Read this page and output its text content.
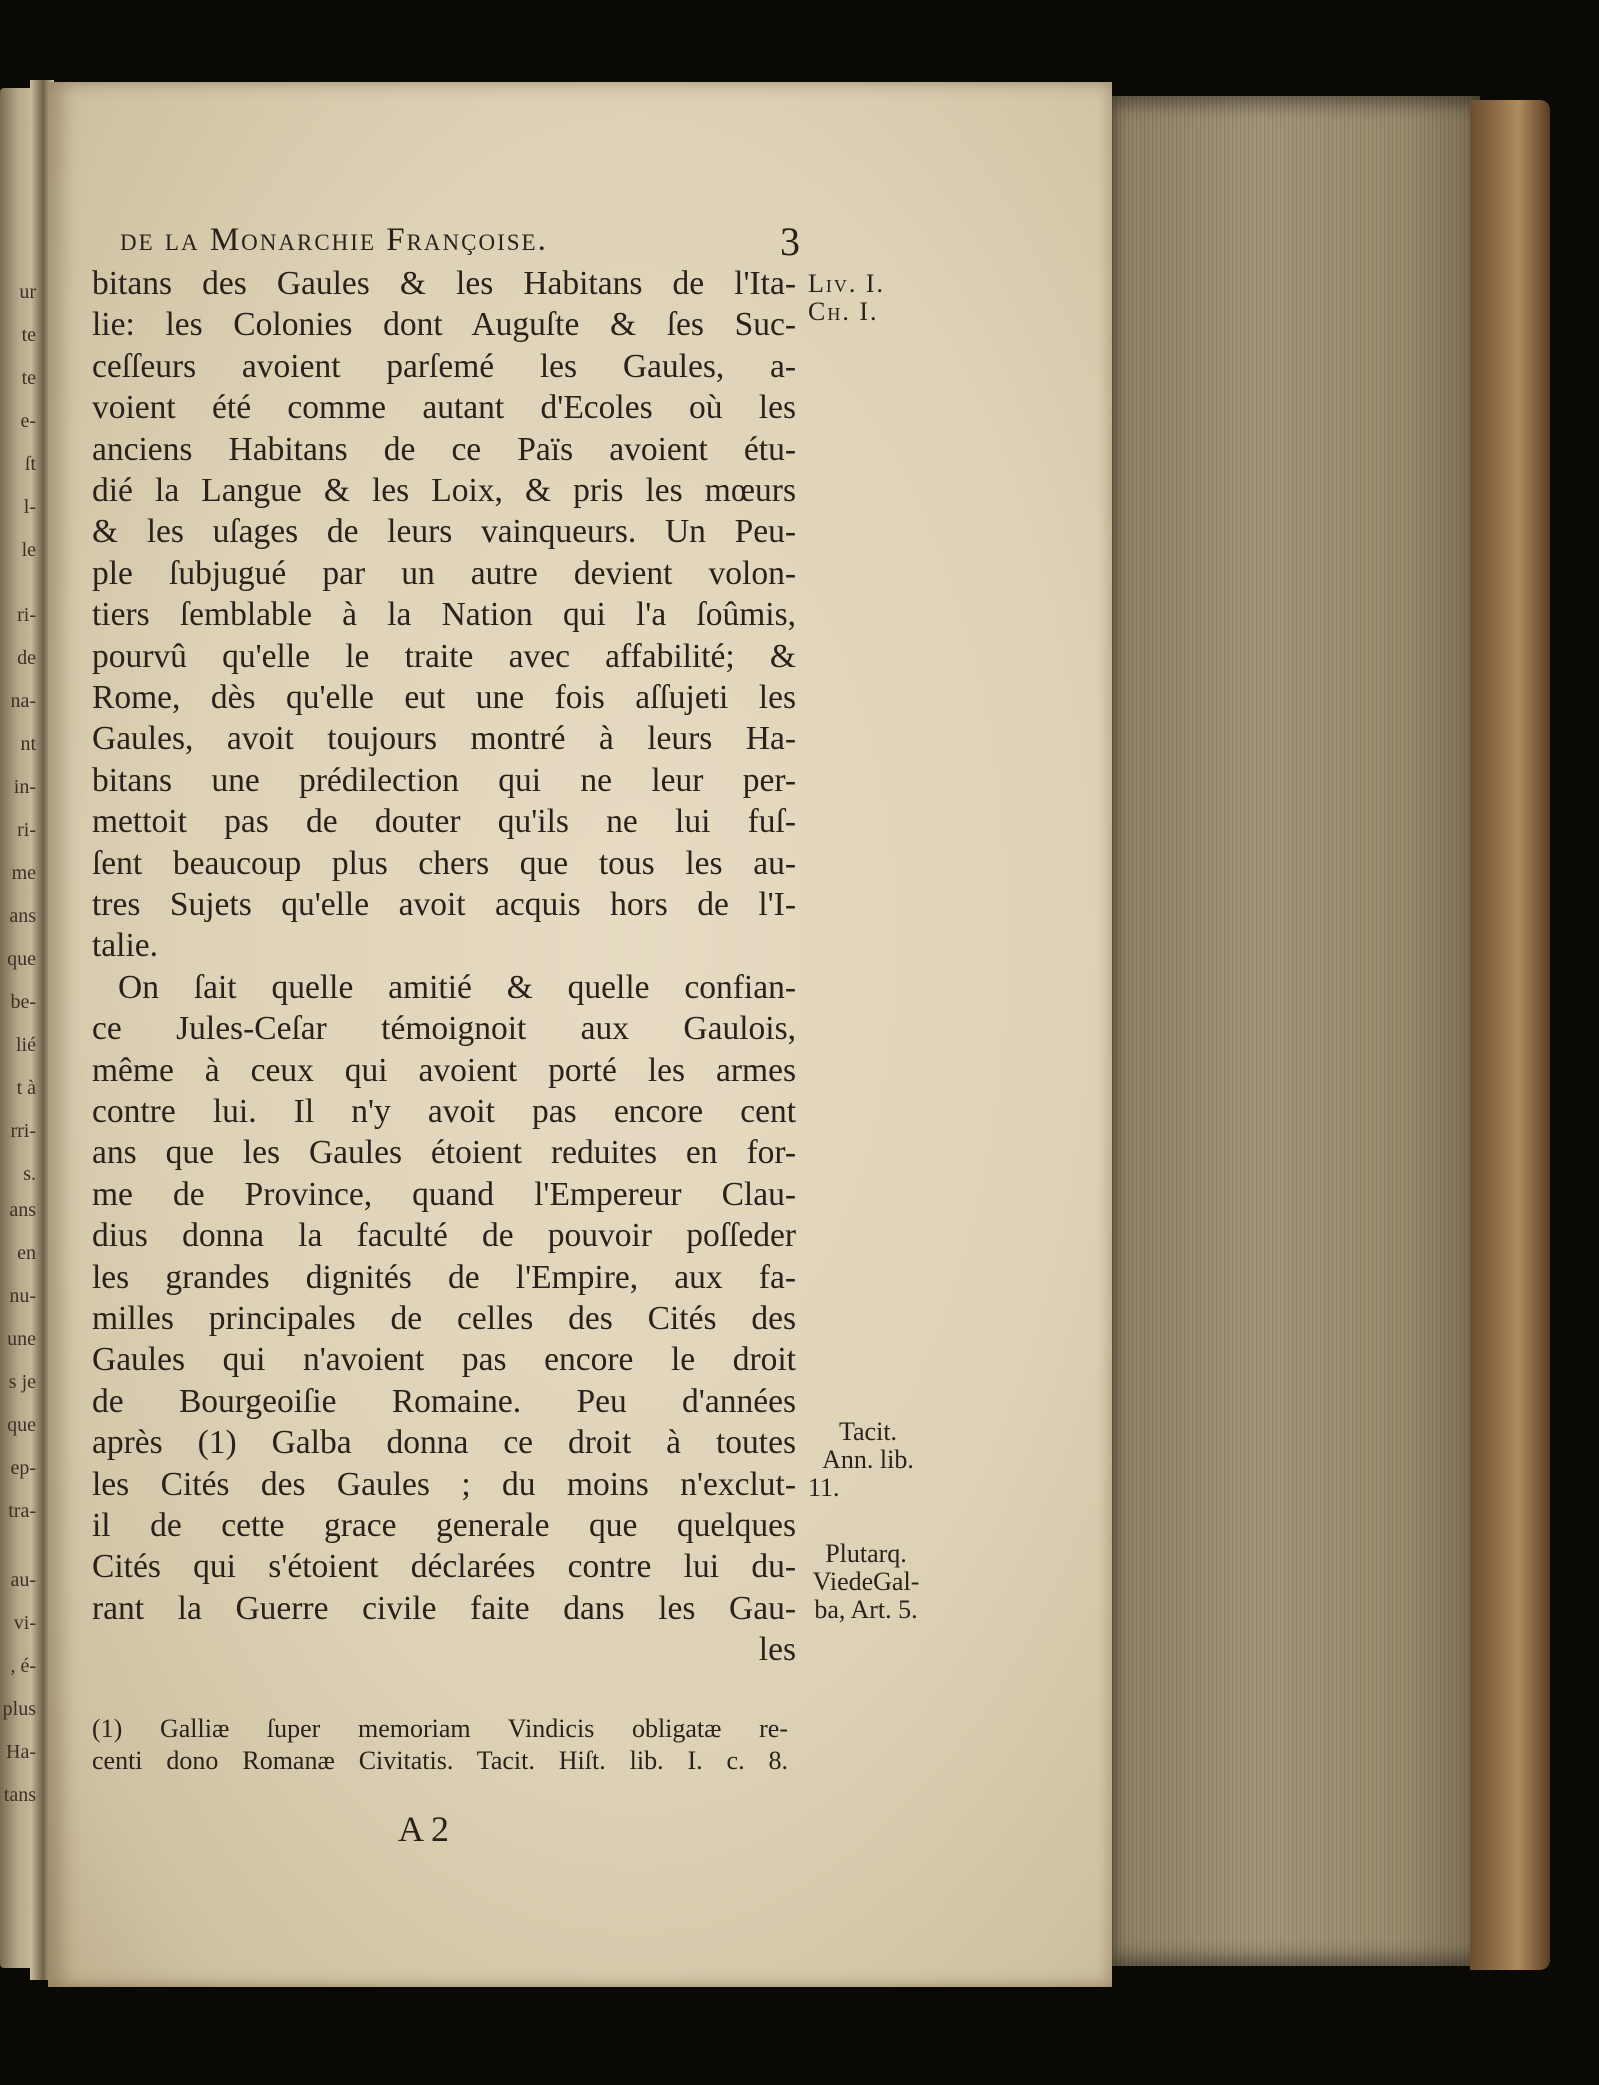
ur
te
te
e-
ſt
l-
le
ri-
de
na-
nt
in-
ri-
me
ans
que
be-
lié
t à
rri-
s.
ans
en
nu-
une
s je
que
ep-
tra-
au-
vi-
, é-
plus
Ha-
tans
de la Monarchie Françoise.	3
Liv. I.
Ch. I.
bitans des Gaules & les Habitans de l'Ita-
lie: les Colonies dont Auguſte & ſes Suc-
ceſſeurs avoient parſemé les Gaules, a-
voient été comme autant d'Ecoles où les
anciens Habitans de ce Païs avoient étu-
dié la Langue & les Loix, & pris les mœurs
& les uſages de leurs vainqueurs. Un Peu-
ple ſubjugué par un autre devient volon-
tiers ſemblable à la Nation qui l'a ſoûmis,
pourvû qu'elle le traite avec affabilité; &
Rome, dès qu'elle eut une fois aſſujeti les
Gaules, avoit toujours montré à leurs Ha-
bitans une prédilection qui ne leur per-
mettoit pas de douter qu'ils ne lui fuſ-
ſent beaucoup plus chers que tous les au-
tres Sujets qu'elle avoit acquis hors de l'I-
talie.
On ſait quelle amitié & quelle confian-
ce Jules-Ceſar témoignoit aux Gaulois,
même à ceux qui avoient porté les armes
contre lui. Il n'y avoit pas encore cent
ans que les Gaules étoient reduites en for-
me de Province, quand l'Empereur Clau-
dius donna la faculté de pouvoir poſſeder
les grandes dignités de l'Empire, aux fa-
milles principales de celles des Cités des
Gaules qui n'avoient pas encore le droit
de Bourgeoiſie Romaine. Peu d'années
après (1) Galba donna ce droit à toutes
les Cités des Gaules ; du moins n'exclut-
il de cette grace generale que quelques
Cités qui s'étoient déclarées contre lui du-
rant la Guerre civile faite dans les Gau-
les
Tacit.
Ann. lib.
11.
Plutarq.
ViedeGal-
ba, Art. 5.
(1) Galliæ ſuper memoriam Vindicis obligatæ re-
centi dono Romanæ Civitatis. Tacit. Hiſt. lib. I. c. 8.
A 2
